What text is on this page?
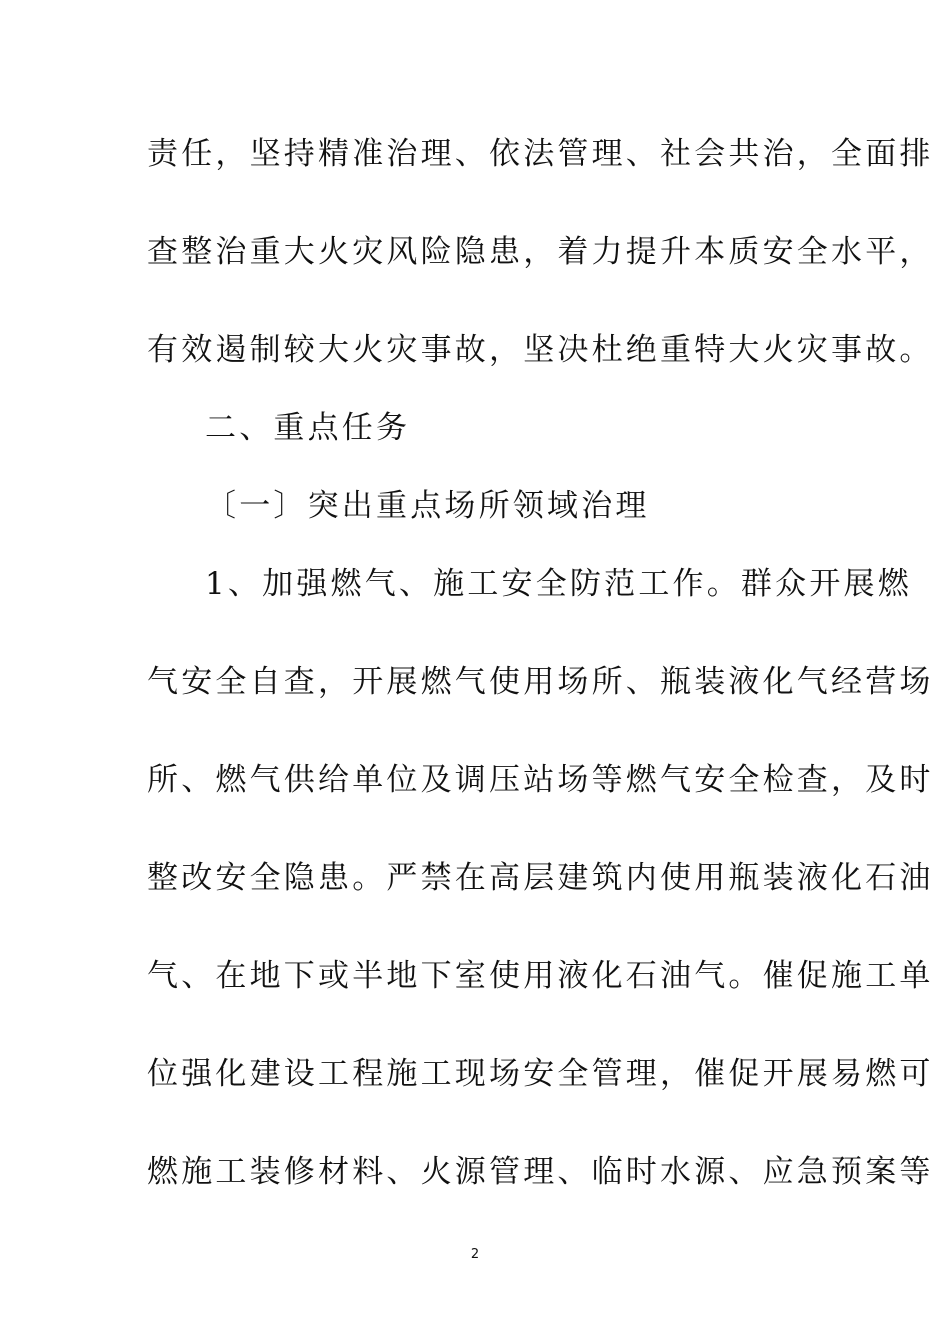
责任，坚持精准治理、依法管理、社会共治，全面排
查整治重大火灾风险隐患，着力提升本质安全水平，
有效遏制较大火灾事故，坚决杜绝重特大火灾事故。
二、重点任务
〔一〕突出重点场所领域治理
1、加强燃气、施工安全防范工作。群众开展燃
气安全自查，开展燃气使用场所、瓶装液化气经营场
所、燃气供给单位及调压站场等燃气安全检查，及时
整改安全隐患。严禁在高层建筑内使用瓶装液化石油
气、在地下或半地下室使用液化石油气。催促施工单
位强化建设工程施工现场安全管理，催促开展易燃可
燃施工装修材料、火源管理、临时水源、应急预案等
2
